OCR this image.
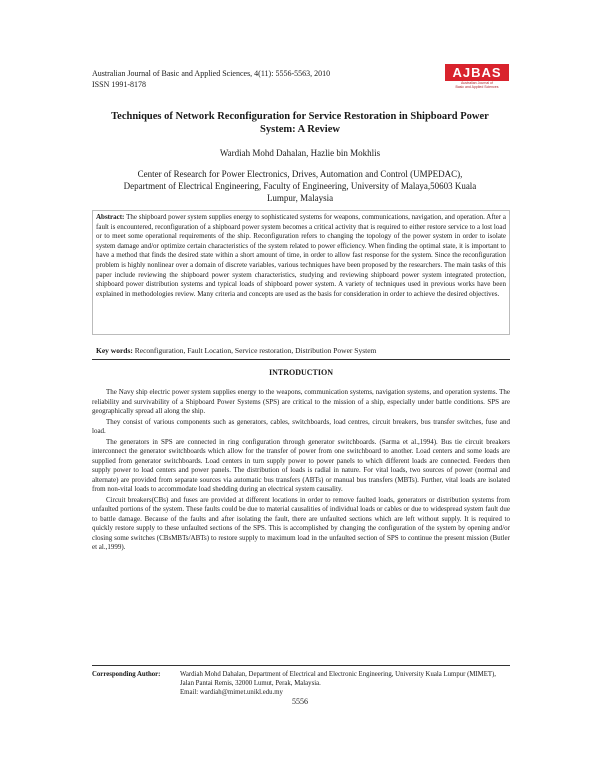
Australian Journal of Basic and Applied Sciences, 4(11): 5556-5563, 2010
ISSN 1991-8178
AJBAS
Australian Journal of
Basic and Applied Sciences
Techniques of Network Reconfiguration for Service Restoration in Shipboard Power
System: A Review
Wardiah Mohd Dahalan, Hazlie bin Mokhlis
Center of Research for Power Electronics, Drives, Automation and Control (UMPEDAC),
Department of Electrical Engineering, Faculty of Engineering, University of Malaya,50603 Kuala
Lumpur, Malaysia
Abstract: The shipboard power system supplies energy to sophisticated systems for weapons, communications, navigation, and operation. After a fault is encountered, reconfiguration of a shipboard power system becomes a critical activity that is required to either restore service to a lost load or to meet some operational requirements of the ship. Reconfiguration refers to changing the topology of the power system in order to isolate system damage and/or optimize certain characteristics of the system related to power efficiency. When finding the optimal state, it is important to have a method that finds the desired state within a short amount of time, in order to allow fast response for the system. Since the reconfiguration problem is highly nonlinear over a domain of discrete variables, various techniques have been proposed by the researchers. The main tasks of this paper include reviewing the shipboard power system characteristics, studying and reviewing shipboard power system integrated protection, shipboard power distribution systems and typical loads of shipboard power system. A variety of techniques used in previous works have been explained in methodologies review. Many criteria and concepts are used as the basis for consideration in order to achieve the desired objectives.
Key words: Reconfiguration, Fault Location, Service restoration, Distribution Power System
INTRODUCTION

The Navy ship electric power system supplies energy to the weapons, communication systems, navigation systems, and operation systems. The reliability and survivability of a Shipboard Power Systems (SPS) are critical to the mission of a ship, especially under battle conditions. SPS are geographically spread all along the ship.

They consist of various components such as generators, cables, switchboards, load centres, circuit breakers, bus transfer switches, fuse and load.

The generators in SPS are connected in ring configuration through generator switchboards. (Sarma et al.,1994). Bus tie circuit breakers interconnect the generator switchboards which allow for the transfer of power from one switchboard to another. Load centers and some loads are supplied from generator switchboards. Load centers in turn supply power to power panels to which different loads are connected. Feeders then supply power to load centers and power panels. The distribution of loads is radial in nature. For vital loads, two sources of power (normal and alternate) are provided from separate sources via automatic bus transfers (ABTs) or manual bus transfers (MBTs). Further, vital loads are isolated from non-vital loads to accommodate load shedding during an electrical system causality.

Circuit breakers(CBs) and fuses are provided at different locations in order to remove faulted loads, generators or distribution systems from unfaulted portions of the system. These faults could be due to material causalities of individual loads or cables or due to widespread system fault due to battle damage. Because of the faults and after isolating the fault, there are unfaulted sections which are left without supply. It is required to quickly restore supply to these unfaulted sections of the SPS. This is accomplished by changing the configuration of the system by opening and/or closing some switches (CBsMBTs/ABTs) to restore supply to maximum load in the unfaulted section of SPS to continue the present mission (Butler et al.,1999).

Corresponding Author:	Wardiah Mohd Dahalan, Department of Electrical and Electronic Engineering, University Kuala Lumpur (MIMET), Jalan Pantai Remis, 32000 Lumut, Perak, Malaysia.
Email: wardiah@mimet.unikl.edu.my
5556
